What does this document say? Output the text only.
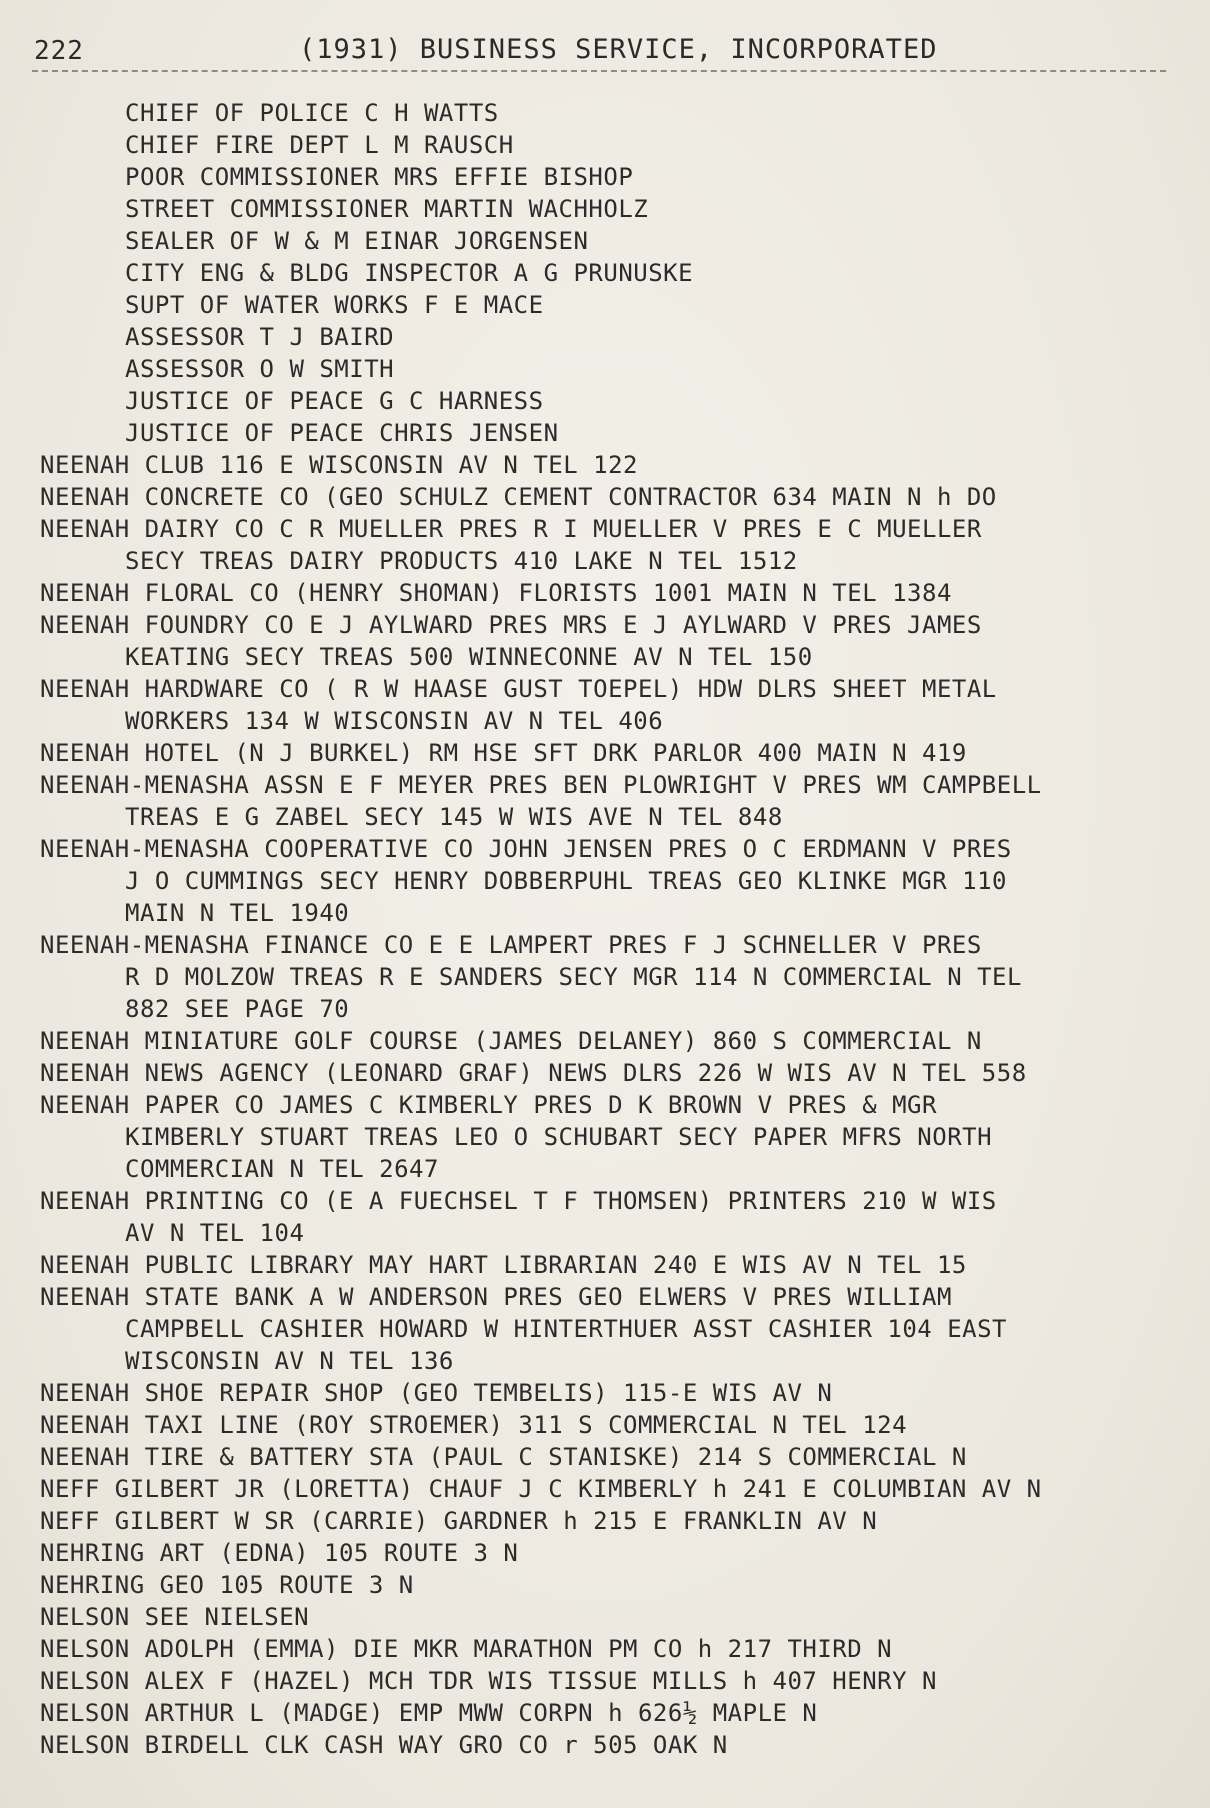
222	(1931) BUSINESS SERVICE, INCORPORATED
CHIEF OF POLICE C H WATTS
CHIEF FIRE DEPT L M RAUSCH
POOR COMMISSIONER MRS EFFIE BISHOP
STREET COMMISSIONER MARTIN WACHHOLZ
SEALER OF W & M EINAR JORGENSEN
CITY ENG & BLDG INSPECTOR A G PRUNUSKE
SUPT OF WATER WORKS F E MACE
ASSESSOR T J BAIRD
ASSESSOR O W SMITH
JUSTICE OF PEACE G C HARNESS
JUSTICE OF PEACE CHRIS JENSEN
NEENAH CLUB 116 E WISCONSIN AV N TEL 122
NEENAH CONCRETE CO (GEO SCHULZ CEMENT CONTRACTOR 634 MAIN N h DO
NEENAH DAIRY CO C R MUELLER PRES R I MUELLER V PRES E C MUELLER
SECY TREAS DAIRY PRODUCTS 410 LAKE N TEL 1512
NEENAH FLORAL CO (HENRY SHOMAN) FLORISTS 1001 MAIN N TEL 1384
NEENAH FOUNDRY CO E J AYLWARD PRES MRS E J AYLWARD V PRES JAMES
KEATING SECY TREAS 500 WINNECONNE AV N TEL 150
NEENAH HARDWARE CO ( R W HAASE GUST TOEPEL) HDW DLRS SHEET METAL
WORKERS 134 W WISCONSIN AV N TEL 406
NEENAH HOTEL (N J BURKEL) RM HSE SFT DRK PARLOR 400 MAIN N 419
NEENAH-MENASHA ASSN E F MEYER PRES BEN PLOWRIGHT V PRES WM CAMPBELL
TREAS E G ZABEL SECY 145 W WIS AVE N TEL 848
NEENAH-MENASHA COOPERATIVE CO JOHN JENSEN PRES O C ERDMANN V PRES
J O CUMMINGS SECY HENRY DOBBERPUHL TREAS GEO KLINKE MGR 110
MAIN N TEL 1940
NEENAH-MENASHA FINANCE CO E E LAMPERT PRES F J SCHNELLER V PRES
R D MOLZOW TREAS R E SANDERS SECY MGR 114 N COMMERCIAL N TEL
882 SEE PAGE 70
NEENAH MINIATURE GOLF COURSE (JAMES DELANEY) 860 S COMMERCIAL N
NEENAH NEWS AGENCY (LEONARD GRAF) NEWS DLRS 226 W WIS AV N TEL 558
NEENAH PAPER CO JAMES C KIMBERLY PRES D K BROWN V PRES & MGR
KIMBERLY STUART TREAS LEO O SCHUBART SECY PAPER MFRS NORTH
COMMERCIAN N TEL 2647
NEENAH PRINTING CO (E A FUECHSEL T F THOMSEN) PRINTERS 210 W WIS
AV N TEL 104
NEENAH PUBLIC LIBRARY MAY HART LIBRARIAN 240 E WIS AV N TEL 15
NEENAH STATE BANK A W ANDERSON PRES GEO ELWERS V PRES WILLIAM
CAMPBELL CASHIER HOWARD W HINTERTHUER ASST CASHIER 104 EAST
WISCONSIN AV N TEL 136
NEENAH SHOE REPAIR SHOP (GEO TEMBELIS) 115-E WIS AV N
NEENAH TAXI LINE (ROY STROEMER) 311 S COMMERCIAL N TEL 124
NEENAH TIRE & BATTERY STA (PAUL C STANISKE) 214 S COMMERCIAL N
NEFF GILBERT JR (LORETTA) CHAUF J C KIMBERLY h 241 E COLUMBIAN AV N
NEFF GILBERT W SR (CARRIE) GARDNER h 215 E FRANKLIN AV N
NEHRING ART (EDNA) 105 ROUTE 3 N
NEHRING GEO 105 ROUTE 3 N
NELSON SEE NIELSEN
NELSON ADOLPH (EMMA) DIE MKR MARATHON PM CO h 217 THIRD N
NELSON ALEX F (HAZEL) MCH TDR WIS TISSUE MILLS h 407 HENRY N
NELSON ARTHUR L (MADGE) EMP MWW CORPN h 626½ MAPLE N
NELSON BIRDELL CLK CASH WAY GRO CO r 505 OAK N
